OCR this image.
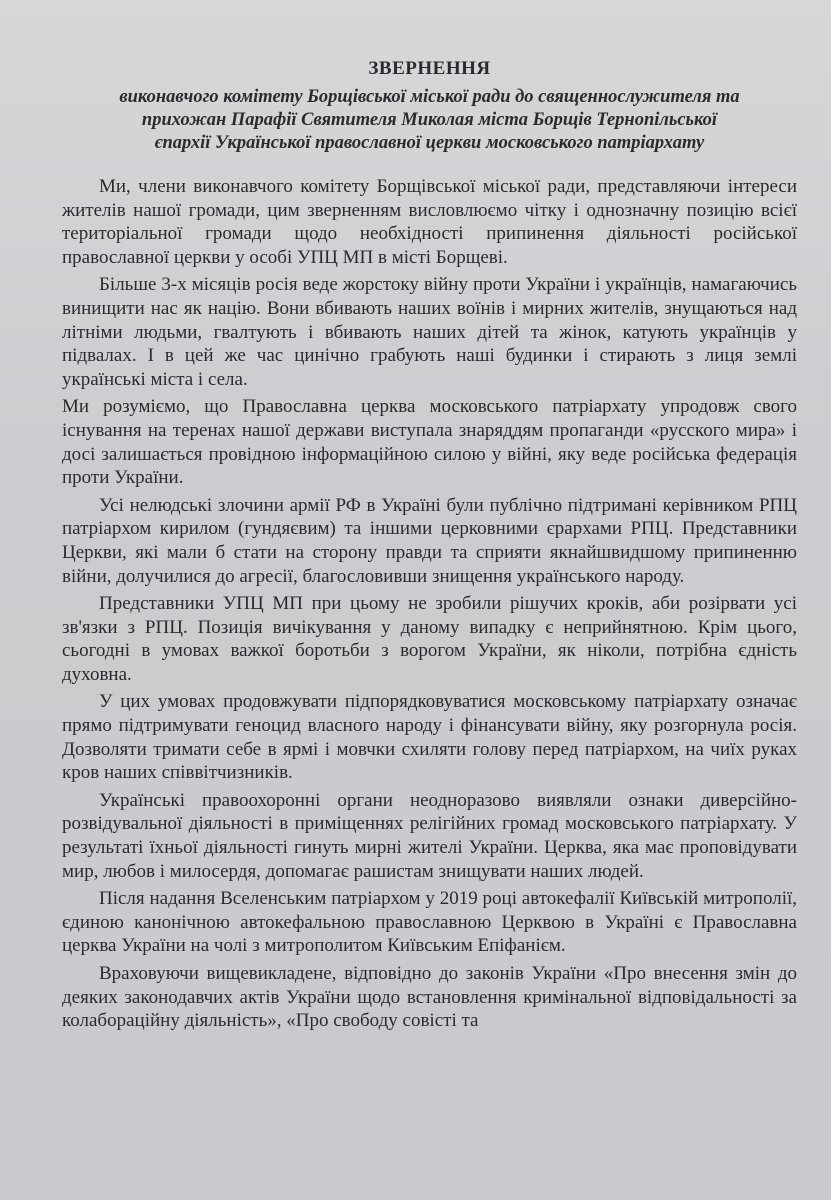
ЗВЕРНЕННЯ
виконавчого комітету Борщівської міської ради до священнослужителя та
прихожан Парафії Святителя Миколая міста Борщів Тернопільської
єпархії Української православної церкви московського патріархату

Ми, члени виконавчого комітету Борщівської міської ради, представляючи інтереси жителів нашої громади, цим зверненням висловлюємо чітку і однозначну позицію всієї територіальної громади щодо необхідності припинення діяльності російської православної церкви у особі УПЦ МП в місті Борщеві.

Більше 3-х місяців росія веде жорстоку війну проти України і українців, намагаючись винищити нас як націю. Вони вбивають наших воїнів і мирних жителів, знущаються над літніми людьми, гвалтують і вбивають наших дітей та жінок, катують українців у підвалах. І в цей же час цинічно грабують наші будинки і стирають з лиця землі українські міста і села.

Ми розуміємо, що Православна церква московського патріархату упродовж свого існування на теренах нашої держави виступала знаряддям пропаганди «русского мира» і досі залишається провідною інформаційною силою у війні, яку веде російська федерація проти України.

Усі нелюдські злочини армії РФ в Україні були публічно підтримані керівником РПЦ патріархом кирилом (гундяєвим) та іншими церковними єрархами РПЦ. Представники Церкви, які мали б стати на сторону правди та сприяти якнайшвидшому припиненню війни, долучилися до агресії, благословивши знищення українського народу.

Представники УПЦ МП при цьому не зробили рішучих кроків, аби розірвати усі зв'язки з РПЦ. Позиція вичікування у даному випадку є неприйнятною. Крім цього, сьогодні в умовах важкої боротьби з ворогом України, як ніколи, потрібна єдність духовна.

У цих умовах продовжувати підпорядковуватися московському патріархату означає прямо підтримувати геноцид власного народу і фінансувати війну, яку розгорнула росія. Дозволяти тримати себе в ярмі і мовчки схиляти голову перед патріархом, на чиїх руках кров наших співвітчизників.

Українські правоохоронні органи неодноразово виявляли ознаки диверсійно-розвідувальної діяльності в приміщеннях релігійних громад московського патріархату. У результаті їхньої діяльності гинуть мирні жителі України. Церква, яка має проповідувати мир, любов і милосердя, допомагає рашистам знищувати наших людей.

Після надання Вселенським патріархом у 2019 році автокефалії Київській митрополії, єдиною канонічною автокефальною православною Церквою в Україні є Православна церква України на чолі з митрополитом Київським Епіфанієм.

Враховуючи вищевикладене, відповідно до законів України «Про внесення змін до деяких законодавчих актів України щодо встановлення кримінальної відповідальності за колабораційну діяльність», «Про свободу совісті та
